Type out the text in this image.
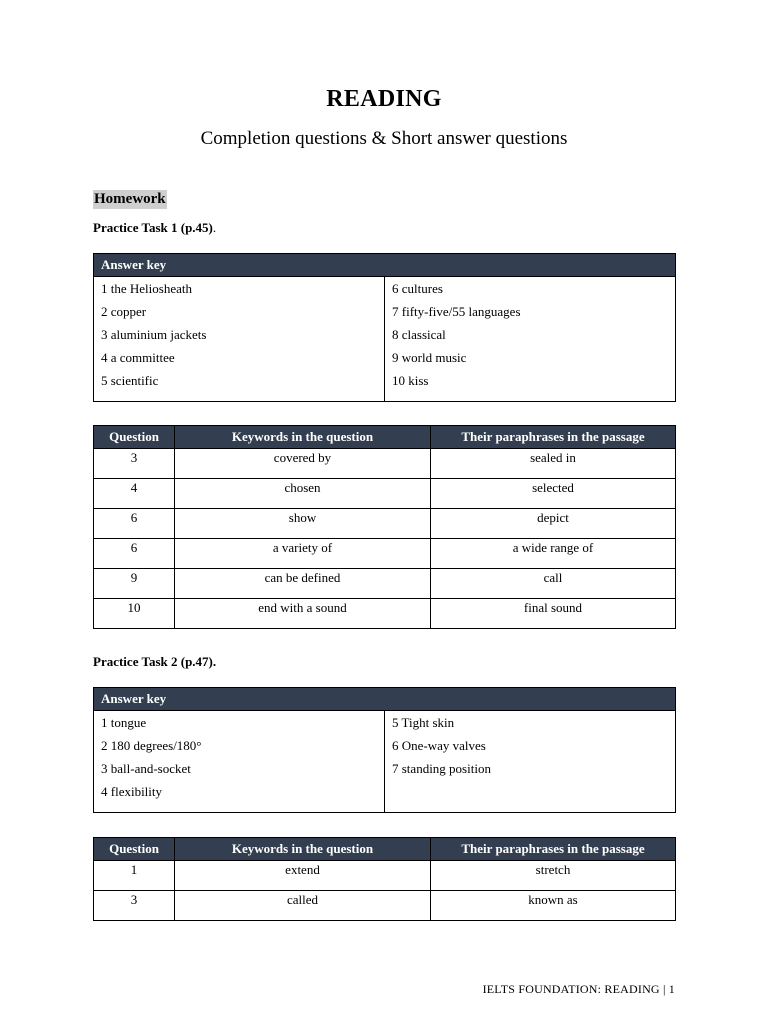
READING
Completion questions & Short answer questions
Homework
Practice Task 1 (p.45).
Answer key

1 the Heliosheath
2 copper
3 aluminium jackets
4 a committee
5 scientific

6 cultures
7 fifty-five/55 languages
8 classical
9 world music
10 kiss
Question	Keywords in the question	Their paraphrases in the passage
3	covered by	sealed in
4	chosen	selected
6	show	depict
6	a variety of	a wide range of
9	can be defined	call
10	end with a sound	final sound
Practice Task 2 (p.47).
Answer key

1 tongue
2 180 degrees/180°
3 ball-and-socket
4 flexibility

5 Tight skin
6 One-way valves
7 standing position
Question	Keywords in the question	Their paraphrases in the passage
1	extend	stretch
3	called	known as
IELTS FOUNDATION: READING | 1
